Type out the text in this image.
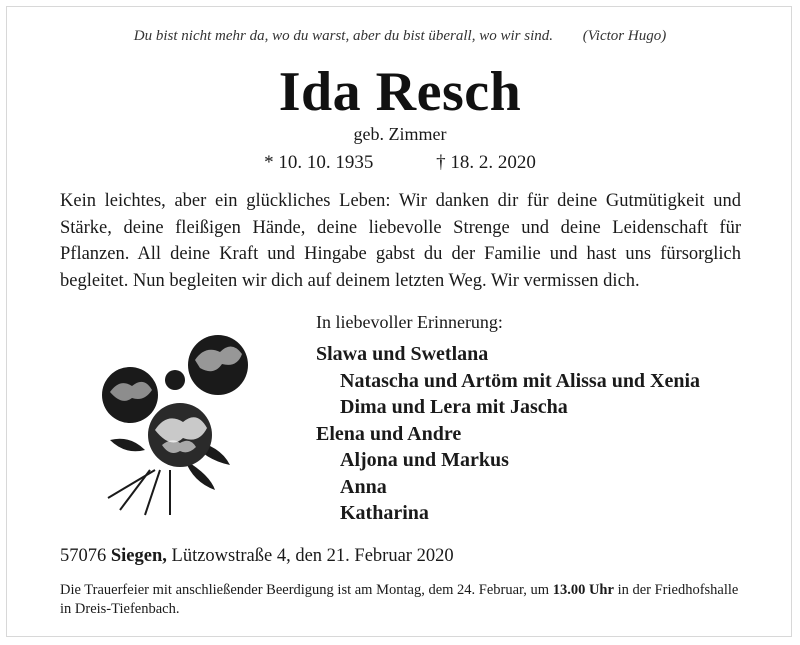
Du bist nicht mehr da, wo du warst, aber du bist überall, wo wir sind. (Victor Hugo)
Ida Resch
geb. Zimmer
* 10. 10. 1935	† 18. 2. 2020
Kein leichtes, aber ein glückliches Leben: Wir danken dir für deine Gutmütigkeit und Stärke, deine fleißigen Hände, deine liebevolle Strenge und deine Leidenschaft für Pflanzen. All deine Kraft und Hingabe gabst du der Familie und hast uns fürsorglich begleitet. Nun begleiten wir dich auf deinem letzten Weg. Wir vermissen dich.
In liebevoller Erinnerung:
Slawa und Swetlana
Natascha und Artöm mit Alissa und Xenia
Dima und Lera mit Jascha
Elena und Andre
Aljona und Markus
Anna
Katharina
57076 Siegen, Lützowstraße 4, den 21. Februar 2020
Die Trauerfeier mit anschließender Beerdigung ist am Montag, dem 24. Februar, um 13.00 Uhr in der Friedhofshalle in Dreis-Tiefenbach.
